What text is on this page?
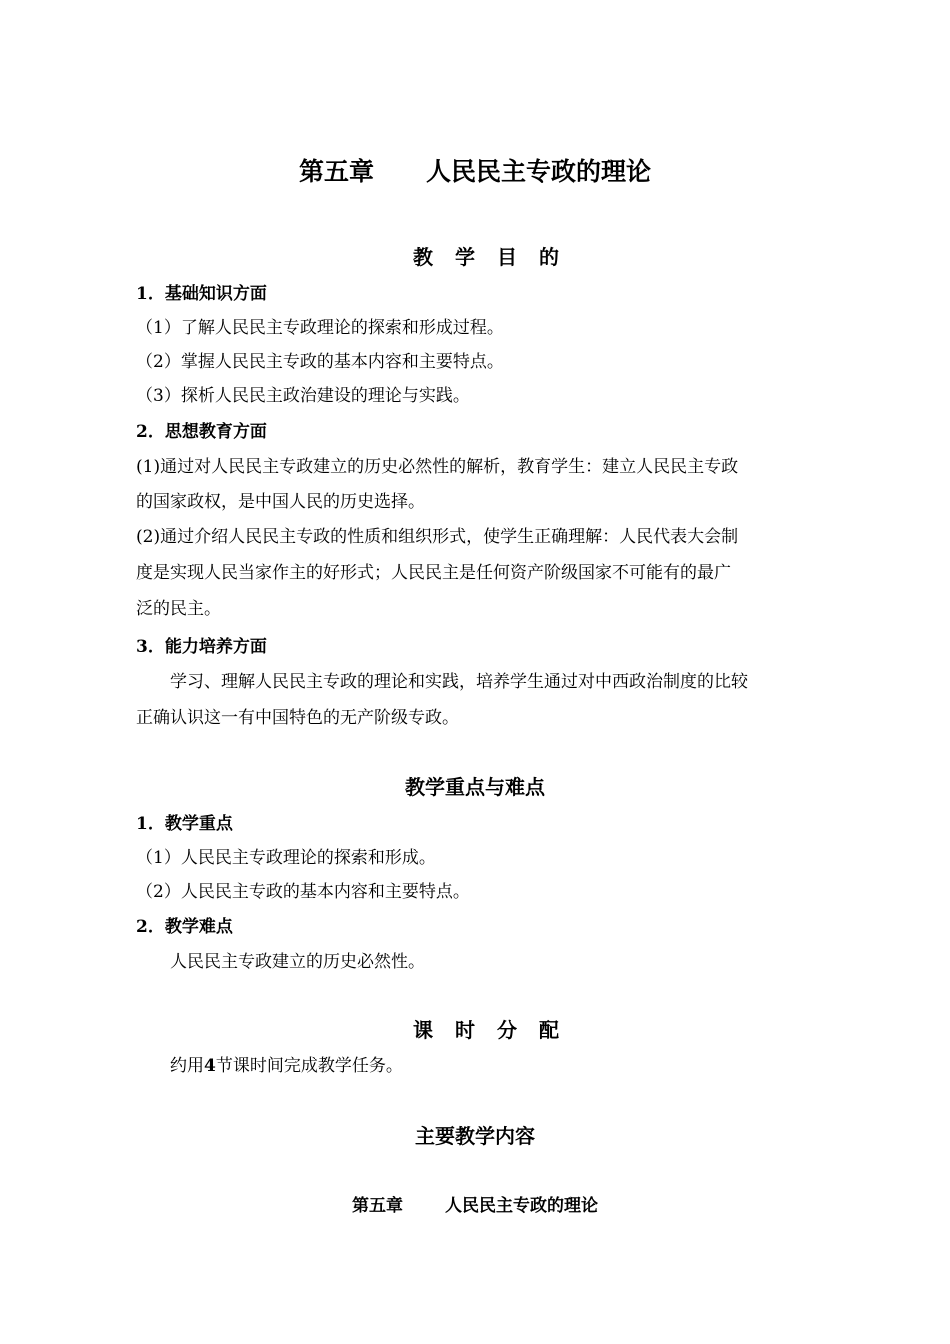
第五章 人民民主专政的理论
教学目的
1．基础知识方面
（1）了解人民民主专政理论的探索和形成过程。
（2）掌握人民民主专政的基本内容和主要特点。
（3）探析人民民主政治建设的理论与实践。
2．思想教育方面
(1)通过对人民民主专政建立的历史必然性的解析，教育学生：建立人民民主专政
的国家政权，是中国人民的历史选择。
(2)通过介绍人民民主专政的性质和组织形式，使学生正确理解：人民代表大会制
度是实现人民当家作主的好形式；人民民主是任何资产阶级国家不可能有的最广
泛的民主。
3．能力培养方面
学习、理解人民民主专政的理论和实践，培养学生通过对中西政治制度的比较
正确认识这一有中国特色的无产阶级专政。
教学重点与难点
1．教学重点
（1）人民民主专政理论的探索和形成。
（2）人民民主专政的基本内容和主要特点。
2．教学难点
人民民主专政建立的历史必然性。
课时分配
约用4节课时间完成教学任务。
主要教学内容
第五章 人民民主专政的理论
